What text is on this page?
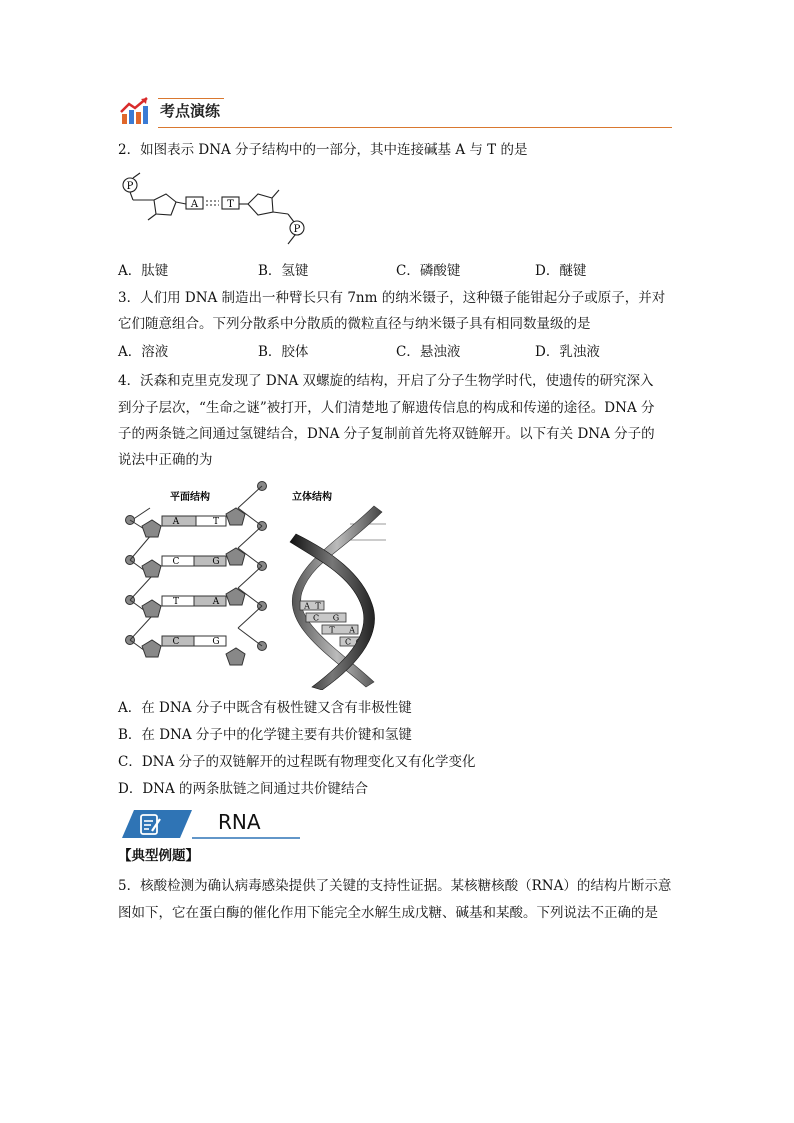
考点演练
2．如图表示 DNA 分子结构中的一部分，其中连接碱基 A 与 T 的是
P
A	T
P
A．肽键	B．氢键	C．磷酸键	D．醚键
3．人们用 DNA 制造出一种臂长只有 7nm 的纳米镊子，这种镊子能钳起分子或原子，并对
它们随意组合。下列分散系中分散质的微粒直径与纳米镊子具有相同数量级的是
A．溶液	B．胶体	C．悬浊液	D．乳浊液
4．沃森和克里克发现了 DNA 双螺旋的结构，开启了分子生物学时代，使遗传的研究深入
到分子层次，“生命之谜”被打开，人们清楚地了解遗传信息的构成和传递的途径。DNA 分
子的两条链之间通过氢键结合，DNA 分子复制前首先将双链解开。以下有关 DNA 分子的
说法中正确的为
平面结构
A	T
C	G
T	A
C	G
立体结构
A T
C G
T A
C
A．在 DNA 分子中既含有极性键又含有非极性键
B．在 DNA 分子中的化学键主要有共价键和氢键
C．DNA 分子的双链解开的过程既有物理变化又有化学变化
D．DNA 的两条肽链之间通过共价键结合
RNA
【典型例题】
5．核酸检测为确认病毒感染提供了关键的支持性证据。某核糖核酸（RNA）的结构片断示意
图如下，它在蛋白酶的催化作用下能完全水解生成戊糖、碱基和某酸。下列说法不正确的是
